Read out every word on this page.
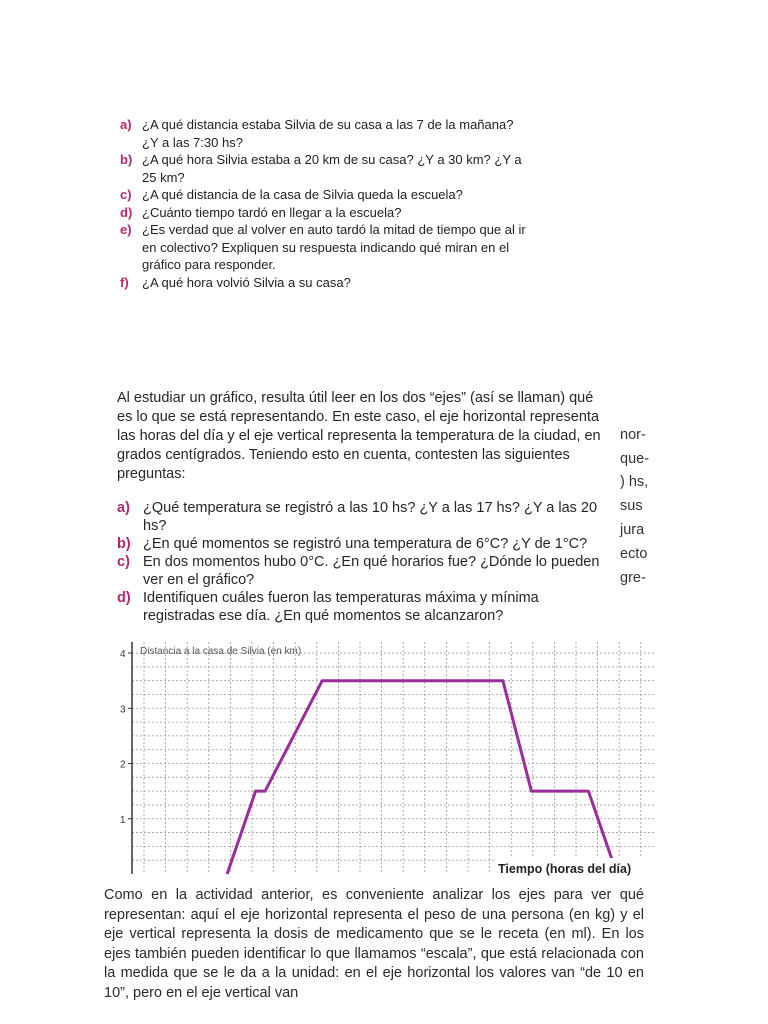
a) ¿A qué distancia estaba Silvia de su casa a las 7 de la mañana? ¿Y a las 7:30 hs?
b) ¿A qué hora Silvia estaba a 20 km de su casa? ¿Y a 30 km? ¿Y a 25 km?
c) ¿A qué distancia de la casa de Silvia queda la escuela?
d) ¿Cuánto tiempo tardó en llegar a la escuela?
e) ¿Es verdad que al volver en auto tardó la mitad de tiempo que al ir en colectivo? Expliquen su respuesta indicando qué miran en el gráfico para responder.
f)	¿A qué hora volvió Silvia a su casa?
Al estudiar un gráfico, resulta útil leer en los dos “ejes” (así se llaman) qué es lo que se está representando. En este caso, el eje horizontal representa las horas del día y el eje vertical representa la temperatura de la ciudad, en grados centígrados. Teniendo esto en cuenta, contesten las siguientes preguntas:
a) ¿Qué temperatura se registró a las 10 hs? ¿Y a las 17 hs? ¿Y a las 20 hs?
b) ¿En qué momentos se registró una temperatura de 6°C? ¿Y de 1°C?
c) En dos momentos hubo 0°C. ¿En qué horarios fue? ¿Dónde lo pueden ver en el gráfico?
d) Identifiquen cuáles fueron las temperaturas máxima y mínima registradas ese día. ¿En qué momentos se alcanzaron?
nor-
que-
) hs,
sus
jura
ecto
gre-
Distancia a la casa de Silvia (en km)
1
2
3
4
Tiempo (horas del día)

Como en la actividad anterior, es conveniente analizar los ejes para ver qué representan: aquí el eje horizontal representa el peso de una persona (en kg) y el eje vertical representa la dosis de medicamento que se le receta (en ml). En los ejes también pueden identificar lo que llamamos “escala”, que está relacionada con la medida que se le da a la unidad: en el eje horizontal los valores van “de 10 en 10”, pero en el eje vertical van
